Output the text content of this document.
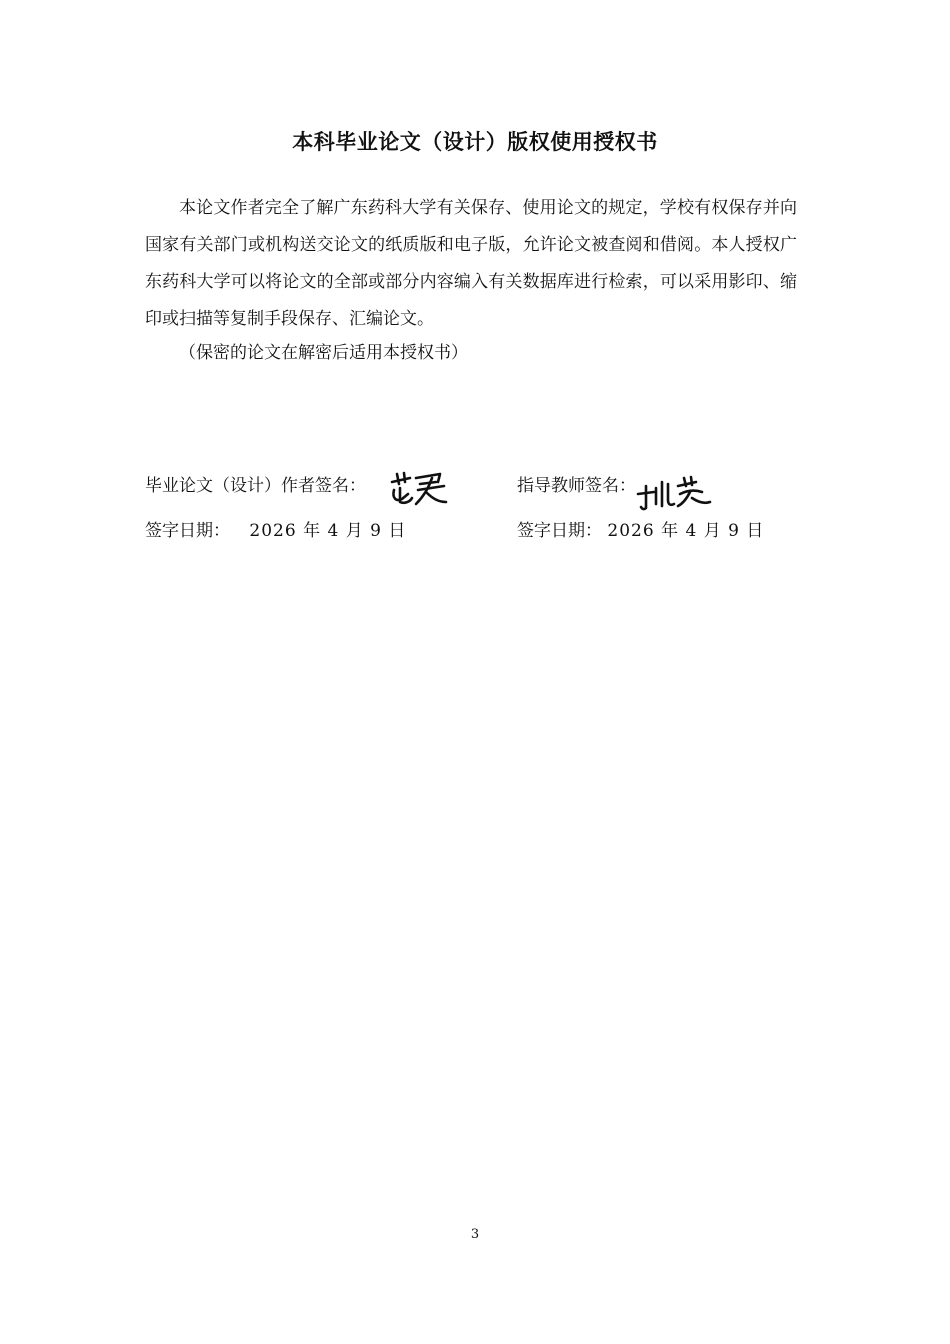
本科毕业论文（设计）版权使用授权书

本论文作者完全了解广东药科大学有关保存、使用论文的规定，学校有权保存并向国家有关部门或机构送交论文的纸质版和电子版，允许论文被查阅和借阅。本人授权广东药科大学可以将论文的全部或部分内容编入有关数据库进行检索，可以采用影印、缩印或扫描等复制手段保存、汇编论文。

（保密的论文在解密后适用本授权书）

毕业论文（设计）作者签名：
签字日期： 2026 年 4 月 9 日
指导教师签名：
签字日期： 2026 年 4 月 9 日
3
